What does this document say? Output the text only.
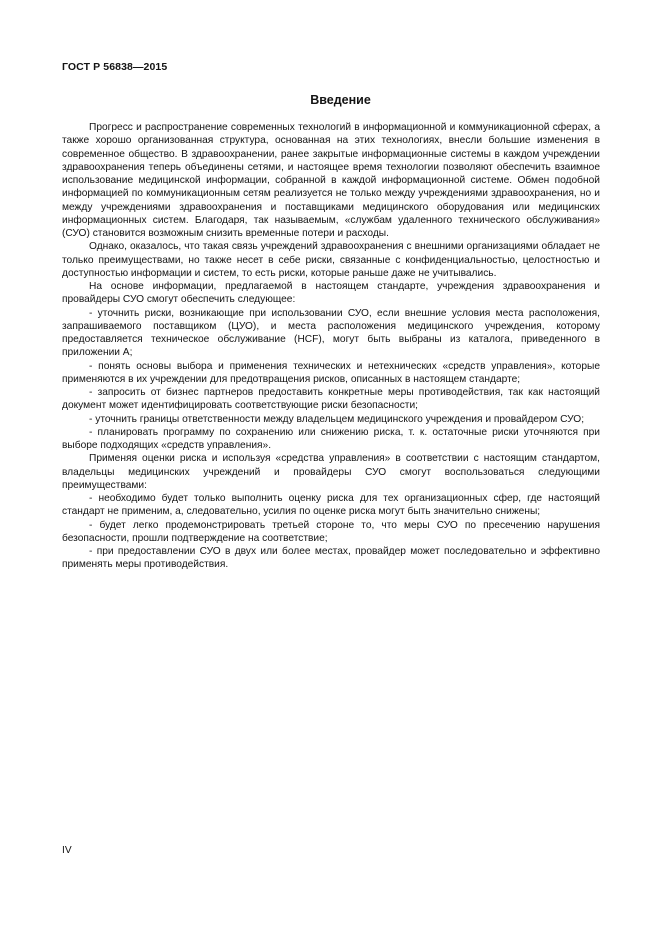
ГОСТ Р 56838—2015
Введение

Прогресс и распространение современных технологий в информационной и коммуникационной сферах, а также хорошо организованная структура, основанная на этих технологиях, внесли большие изменения в современное общество. В здравоохранении, ранее закрытые информационные системы в каждом учреждении здравоохранения теперь объединены сетями, и настоящее время технологии позволяют обеспечить взаимное использование медицинской информации, собранной в каждой информационной системе. Обмен подобной информацией по коммуникационным сетям реализуется не только между учреждениями здравоохранения, но и между учреждениями здравоохранения и поставщиками медицинского оборудования или медицинских информационных систем. Благодаря, так называемым, «службам удаленного технического обслуживания» (СУО) становится возможным снизить временные потери и расходы.

Однако, оказалось, что такая связь учреждений здравоохранения с внешними организациями обладает не только преимуществами, но также несет в себе риски, связанные с конфиденциальностью, целостностью и доступностью информации и систем, то есть риски, которые раньше даже не учитывались.

На основе информации, предлагаемой в настоящем стандарте, учреждения здравоохранения и провайдеры СУО смогут обеспечить следующее:

- уточнить риски, возникающие при использовании СУО, если внешние условия места расположения, запрашиваемого поставщиком (ЦУО), и места расположения медицинского учреждения, которому предоставляется техническое обслуживание (HCF), могут быть выбраны из каталога, приведенного в приложении А;

- понять основы выбора и применения технических и нетехнических «средств управления», которые применяются в их учреждении для предотвращения рисков, описанных в настоящем стандарте;

- запросить от бизнес партнеров предоставить конкретные меры противодействия, так как настоящий документ может идентифицировать соответствующие риски безопасности;

- уточнить границы ответственности между владельцем медицинского учреждения и провайдером СУО;

- планировать программу по сохранению или снижению риска, т. к. остаточные риски уточняются при выборе подходящих «средств управления».

Применяя оценки риска и используя «средства управления» в соответствии с настоящим стандартом, владельцы медицинских учреждений и провайдеры СУО смогут воспользоваться следующими преимуществами:

- необходимо будет только выполнить оценку риска для тех организационных сфер, где настоящий стандарт не применим, а, следовательно, усилия по оценке риска могут быть значительно снижены;

- будет легко продемонстрировать третьей стороне то, что меры СУО по пресечению нарушения безопасности, прошли подтверждение на соответствие;

- при предоставлении СУО в двух или более местах, провайдер может последовательно и эффективно применять меры противодействия.

IV
